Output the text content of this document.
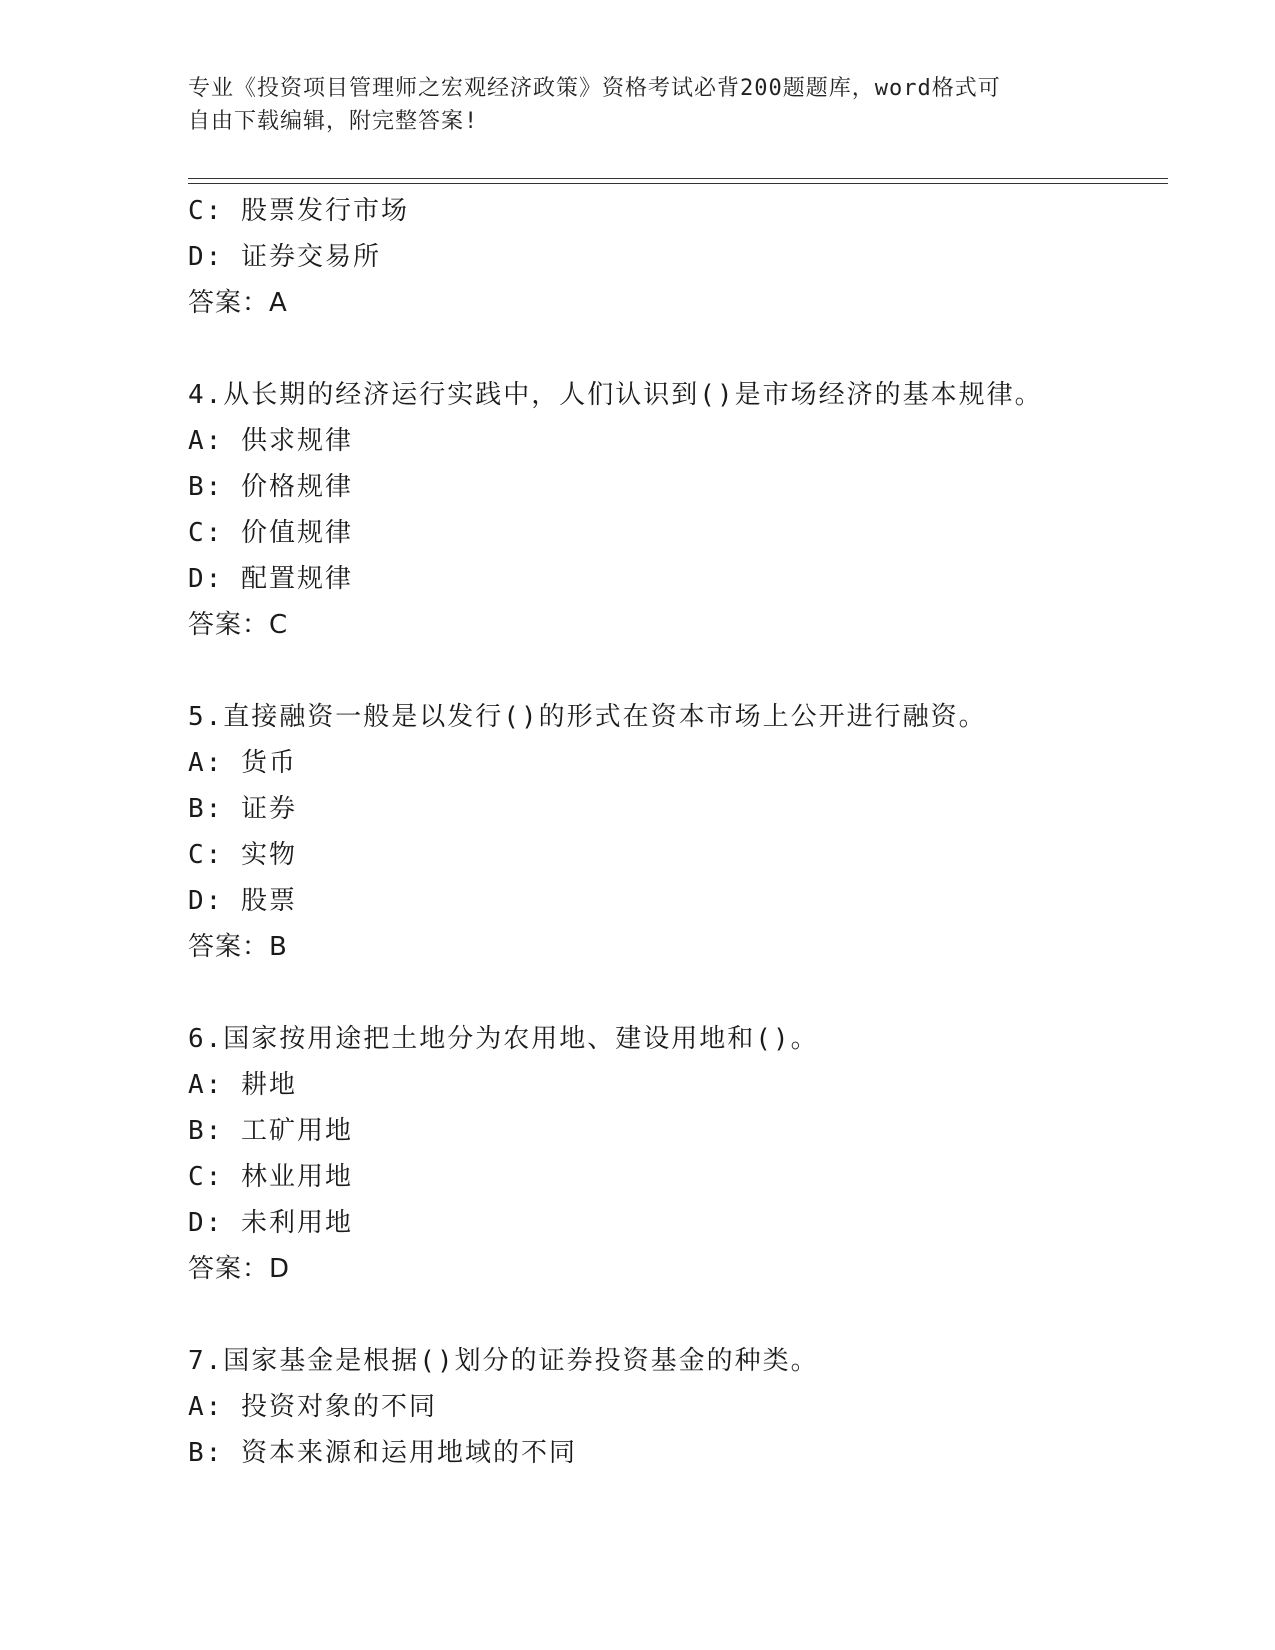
专业《投资项目管理师之宏观经济政策》资格考试必背200题题库，word格式可
自由下载编辑，附完整答案!
C: 股票发行市场
D: 证券交易所
答案：A
4.从长期的经济运行实践中，人们认识到()是市场经济的基本规律。
A: 供求规律
B: 价格规律
C: 价值规律
D: 配置规律
答案：C
5.直接融资一般是以发行()的形式在资本市场上公开进行融资。
A: 货币
B: 证券
C: 实物
D: 股票
答案：B
6.国家按用途把土地分为农用地、建设用地和()。
A: 耕地
B: 工矿用地
C: 林业用地
D: 未利用地
答案：D
7.国家基金是根据()划分的证券投资基金的种类。
A: 投资对象的不同
B: 资本来源和运用地域的不同
